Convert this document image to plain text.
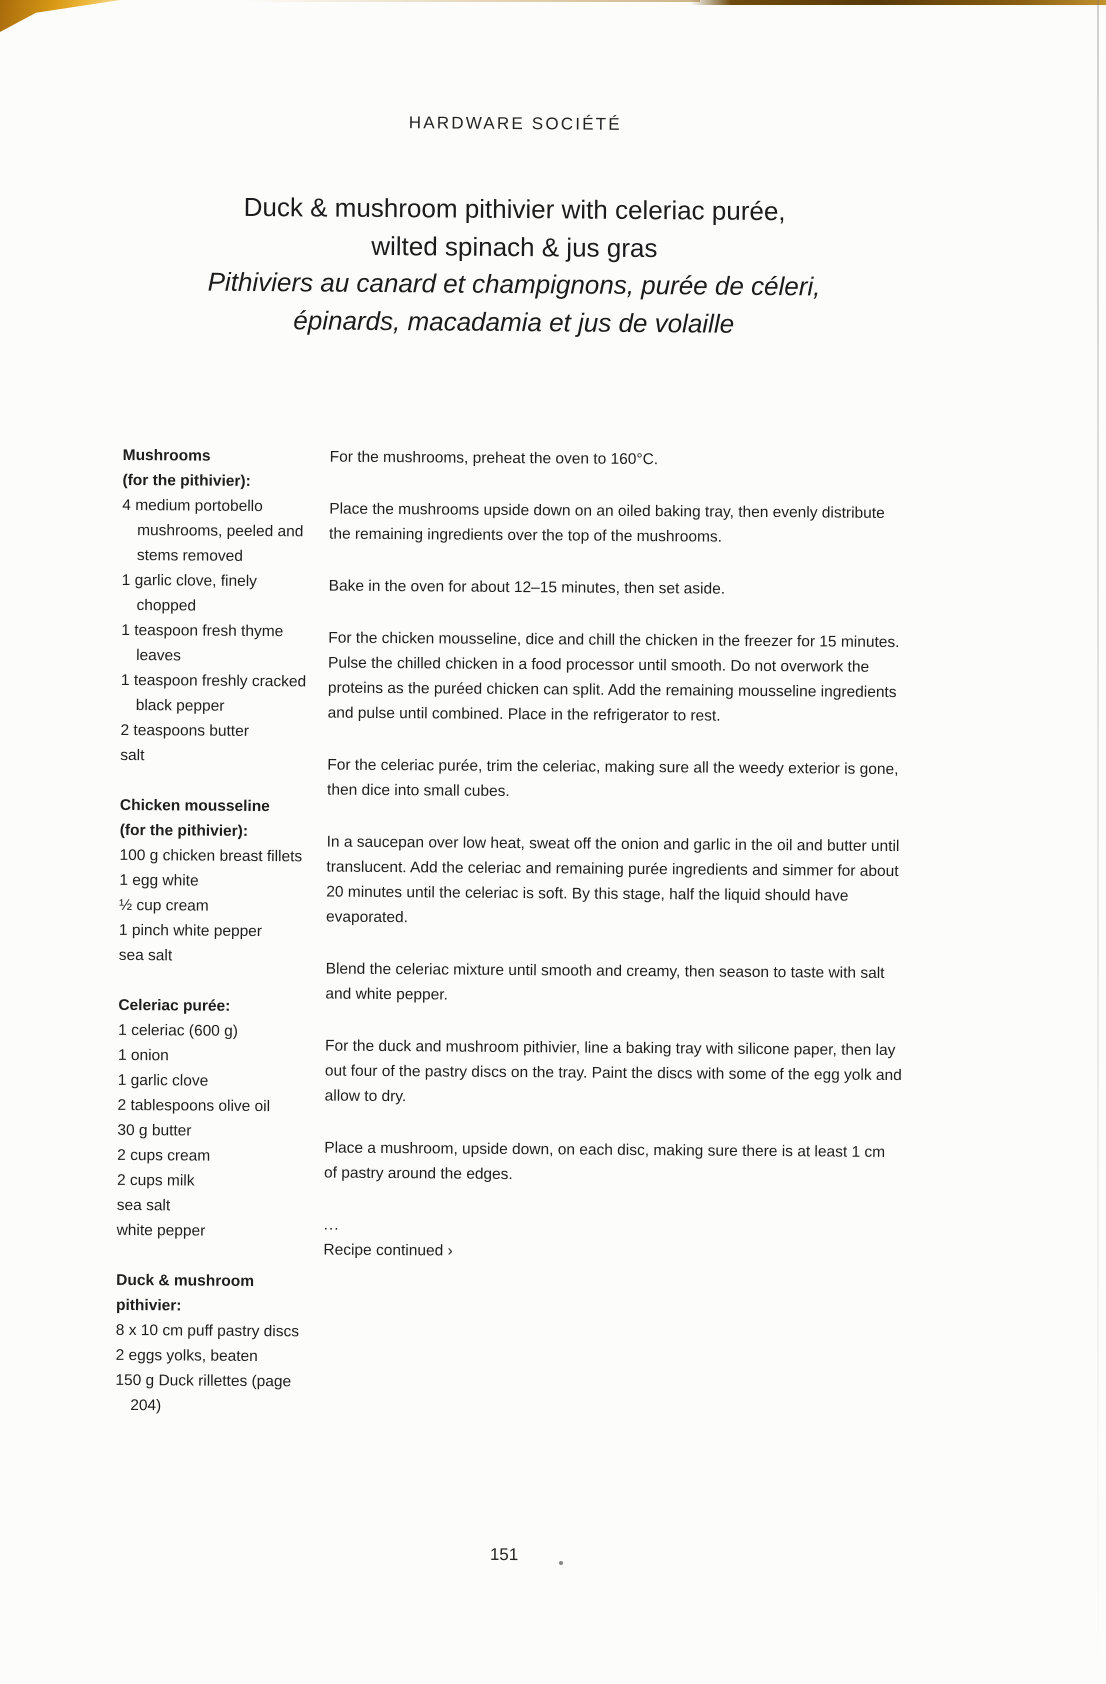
HARDWARE SOCIÉTÉ
Duck & mushroom pithivier with celeriac purée,
wilted spinach & jus gras
Pithiviers au canard et champignons, purée de céleri,
épinards, macadamia et jus de volaille
Mushrooms
(for the pithivier):
4 medium portobello mushrooms, peeled and stems removed
1 garlic clove, finely chopped
1 teaspoon fresh thyme leaves
1 teaspoon freshly cracked black pepper
2 teaspoons butter
salt
Chicken mousseline
(for the pithivier):
100 g chicken breast fillets
1 egg white
½ cup cream
1 pinch white pepper
sea salt
Celeriac purée:
1 celeriac (600 g)
1 onion
1 garlic clove
2 tablespoons olive oil
30 g butter
2 cups cream
2 cups milk
sea salt
white pepper
Duck & mushroom
pithivier:
8 x 10 cm puff pastry discs
2 eggs yolks, beaten
150 g Duck rillettes (page 204)

For the mushrooms, preheat the oven to 160°C.

Place the mushrooms upside down on an oiled baking tray, then evenly distribute the remaining ingredients over the top of the mushrooms.

Bake in the oven for about 12–15 minutes, then set aside.

For the chicken mousseline, dice and chill the chicken in the freezer for 15 minutes. Pulse the chilled chicken in a food processor until smooth. Do not overwork the proteins as the puréed chicken can split. Add the remaining mousseline ingredients and pulse until combined. Place in the refrigerator to rest.

For the celeriac purée, trim the celeriac, making sure all the weedy exterior is gone, then dice into small cubes.

In a saucepan over low heat, sweat off the onion and garlic in the oil and butter until translucent. Add the celeriac and remaining purée ingredients and simmer for about 20 minutes until the celeriac is soft. By this stage, half the liquid should have evaporated.

Blend the celeriac mixture until smooth and creamy, then season to taste with salt and white pepper.

For the duck and mushroom pithivier, line a baking tray with silicone paper, then lay out four of the pastry discs on the tray. Paint the discs with some of the egg yolk and allow to dry.

Place a mushroom, upside down, on each disc, making sure there is at least 1 cm of pastry around the edges.

...
Recipe continued ›
151
